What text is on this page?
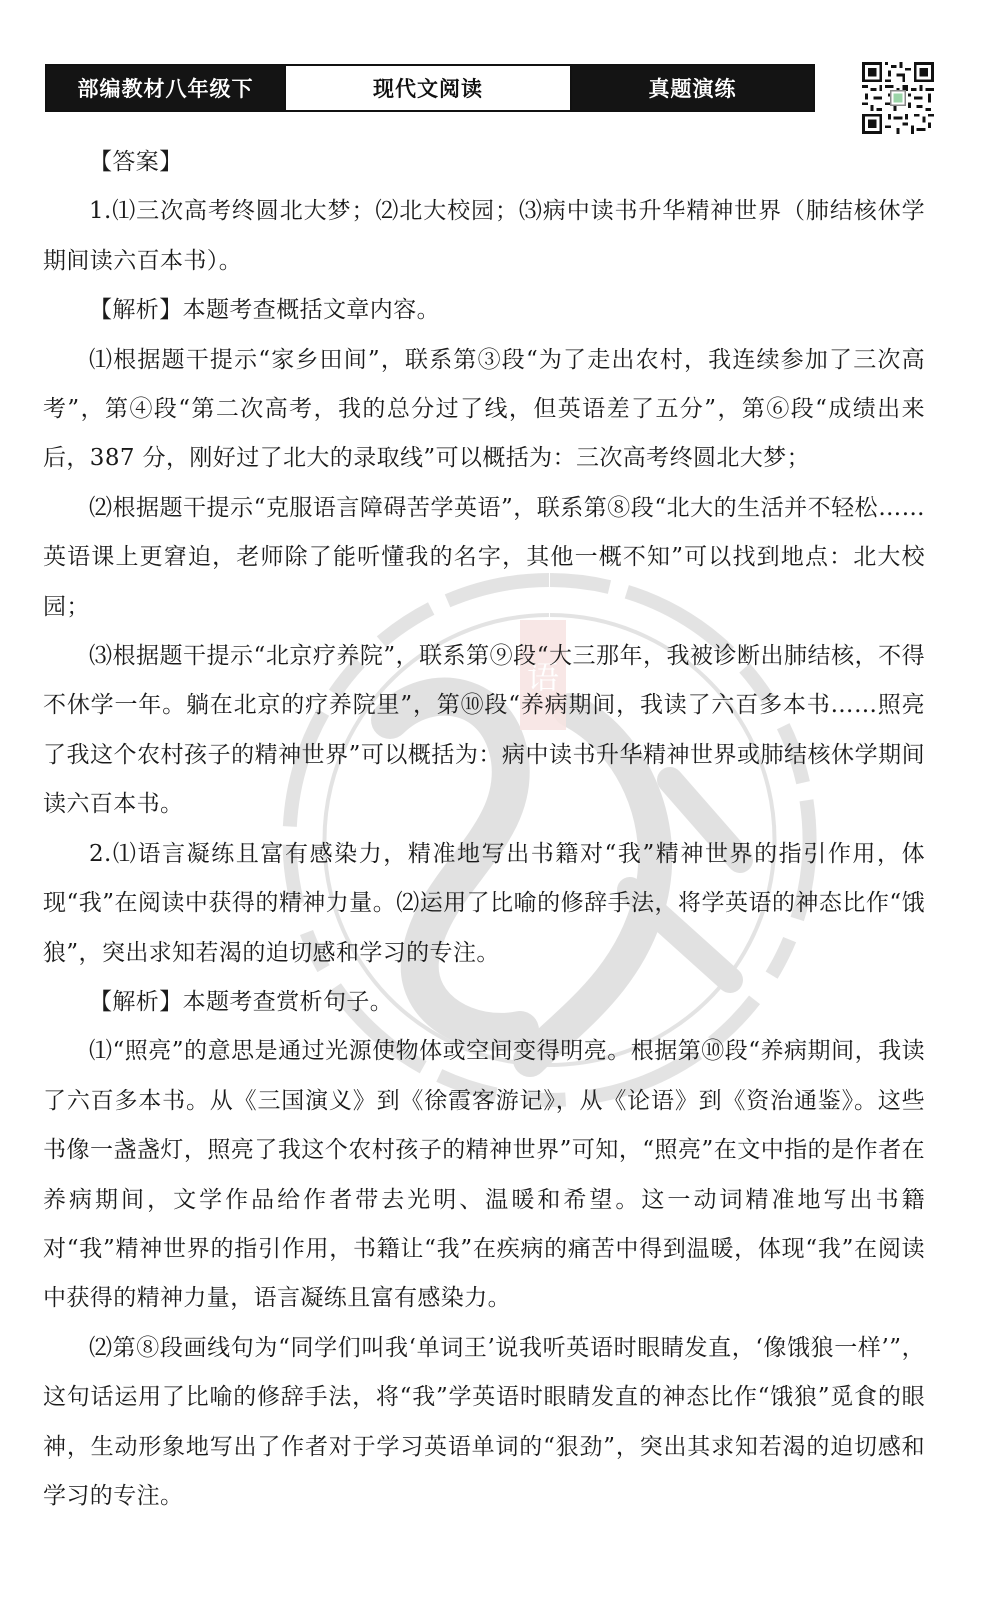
部编教材八年级下	现代文阅读	真题演练
语

【答案】

1.⑴三次高考终圆北大梦；⑵北大校园；⑶病中读书升华精神世界（肺结核休学期间读六百本书）。

【解析】本题考查概括文章内容。

⑴根据题干提示“家乡田间”，联系第③段“为了走出农村，我连续参加了三次高考”，第④段“第二次高考，我的总分过了线，但英语差了五分”，第⑥段“成绩出来后，387 分，刚好过了北大的录取线”可以概括为：三次高考终圆北大梦；

⑵根据题干提示“克服语言障碍苦学英语”，联系第⑧段“北大的生活并不轻松……英语课上更窘迫，老师除了能听懂我的名字，其他一概不知”可以找到地点：北大校园；

⑶根据题干提示“北京疗养院”，联系第⑨段“大三那年，我被诊断出肺结核，不得不休学一年。躺在北京的疗养院里”，第⑩段“养病期间，我读了六百多本书……照亮了我这个农村孩子的精神世界”可以概括为：病中读书升华精神世界或肺结核休学期间读六百本书。

2.⑴语言凝练且富有感染力，精准地写出书籍对“我”精神世界的指引作用，体现“我”在阅读中获得的精神力量。⑵运用了比喻的修辞手法，将学英语的神态比作“饿狼”，突出求知若渴的迫切感和学习的专注。

【解析】本题考查赏析句子。

⑴“照亮”的意思是通过光源使物体或空间变得明亮。根据第⑩段“养病期间，我读了六百多本书。从《三国演义》到《徐霞客游记》，从《论语》到《资治通鉴》。这些书像一盏盏灯，照亮了我这个农村孩子的精神世界”可知，“照亮”在文中指的是作者在养病期间，文学作品给作者带去光明、温暖和希望。这一动词精准地写出书籍对“我”精神世界的指引作用，书籍让“我”在疾病的痛苦中得到温暖，体现“我”在阅读中获得的精神力量，语言凝练且富有感染力。

⑵第⑧段画线句为“同学们叫我‘单词王’说我听英语时眼睛发直，‘像饿狼一样’”，这句话运用了比喻的修辞手法，将“我”学英语时眼睛发直的神态比作“饿狼”觅食的眼神，生动形象地写出了作者对于学习英语单词的“狠劲”，突出其求知若渴的迫切感和学习的专注。
